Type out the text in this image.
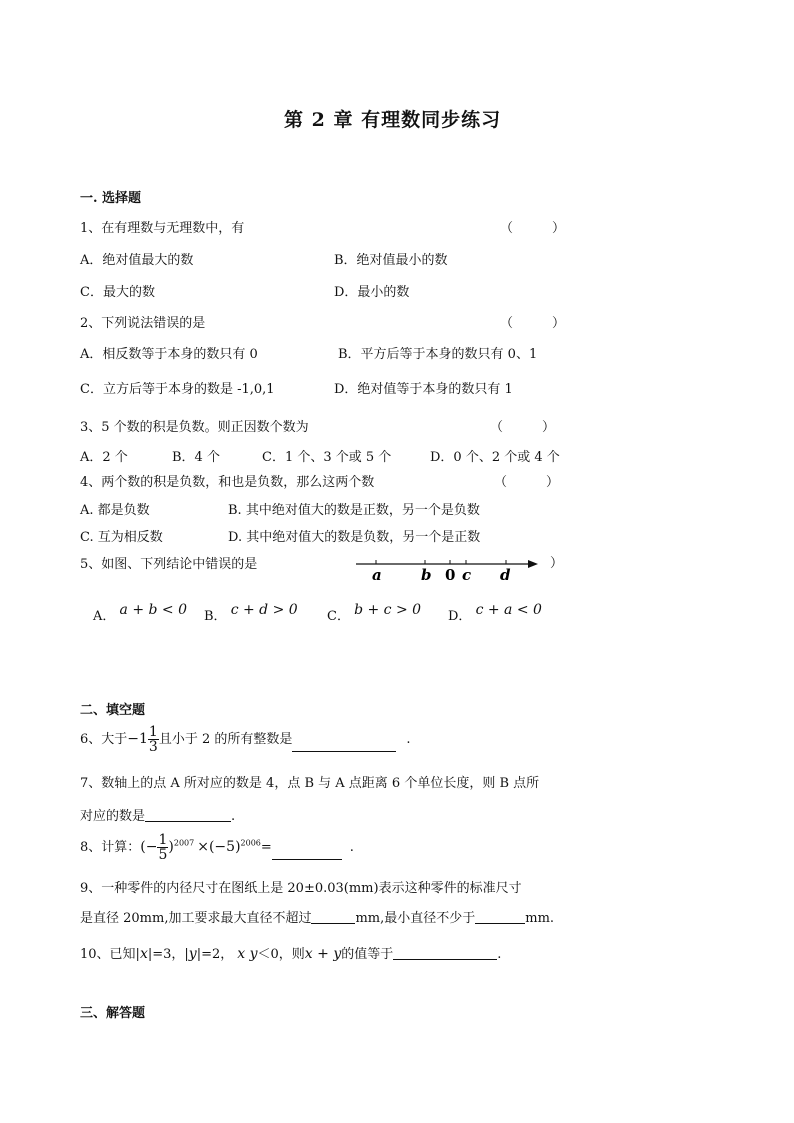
第 2 章 有理数同步练习
一. 选择题
1、在有理数与无理数中，有	（　　　）
A．绝对值最大的数	B．绝对值最小的数
C．最大的数	D．最小的数
2、下列说法错误的是	（　　　）
A．相反数等于本身的数只有 0	B．平方后等于本身的数只有 0、1
C．立方后等于本身的数是 -1,0,1	D．绝对值等于本身的数只有 1
3、5 个数的积是负数。则正因数个数为	（　　　）
A．2 个	B．4 个	C．1 个、3 个或 5 个	D．0 个、2 个或 4 个
4、两个数的积是负数，和也是负数，那么这两个数	（　　　）
A. 都是负数	B. 其中绝对值大的数是正数，另一个是负数
C. 互为相反数	D. 其中绝对值大的数是负数，另一个是正数
5、如图、下列结论中错误的是	）
a	b 0 c d
A． a + b < 0 B． c + d > 0 C． b + c > 0 D． c + a < 0
二、填空题
6、大于$-1 \frac{1}{3}$ 且小于 2 的所有整数是	.
7、数轴上的点 A 所对应的数是 4，点 B 与 A 点距离 6 个单位长度，则 B 点所
对应的数是	.
8、计算：(− $\frac{1}{5} )^{2007} \times(-5)^{2006}=$	.
9、一种零件的内径尺寸在图纸上是 20±0.03(mm)表示这种零件的标准尺寸
是直径 20mm,加工要求最大直径不超过	mm,最小直径不少于	mm.
10、已知|x|=3，|y|=2， x y＜0，则x + y的值等于	.
三、解答题
